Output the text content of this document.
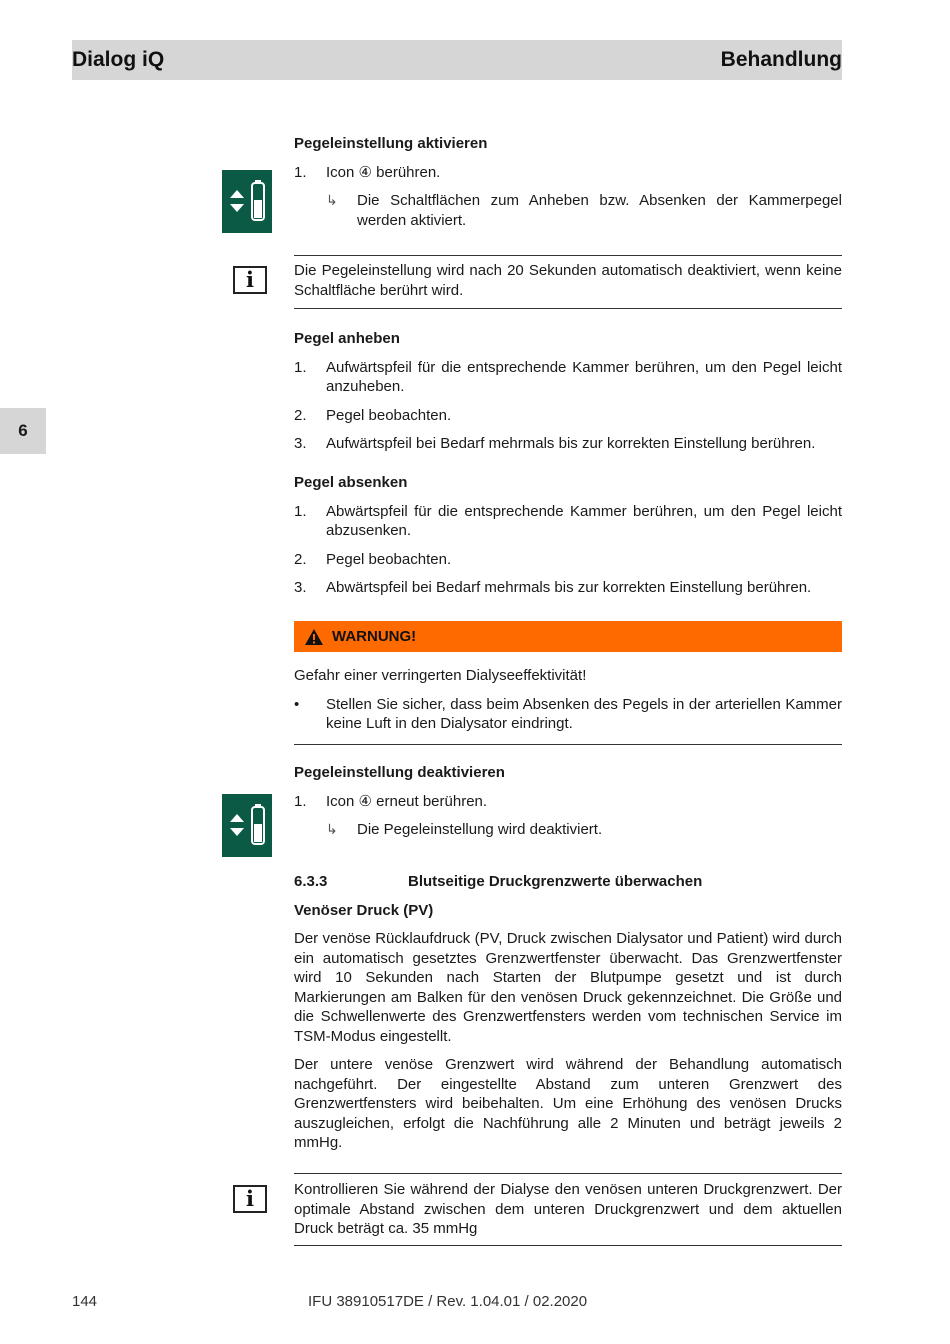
Dialog iQ	Behandlung
6
Pegeleinstellung aktivieren
1. Icon ④ berühren.
↳ Die Schaltflächen zum Anheben bzw. Absenken der Kammerpegel werden aktiviert.
i	Die Pegeleinstellung wird nach 20 Sekunden automatisch deaktiviert, wenn keine Schaltfläche berührt wird.
Pegel anheben
1. Aufwärtspfeil für die entsprechende Kammer berühren, um den Pegel leicht anzuheben.
2. Pegel beobachten.
3. Aufwärtspfeil bei Bedarf mehrmals bis zur korrekten Einstellung berühren.
Pegel absenken
1. Abwärtspfeil für die entsprechende Kammer berühren, um den Pegel leicht abzusenken.
2. Pegel beobachten.
3. Abwärtspfeil bei Bedarf mehrmals bis zur korrekten Einstellung berühren.
WARNUNG!
Gefahr einer verringerten Dialyseeffektivität!
• Stellen Sie sicher, dass beim Absenken des Pegels in der arteriellen Kammer keine Luft in den Dialysator eindringt.
Pegeleinstellung deaktivieren
1. Icon ④ erneut berühren.
↳ Die Pegeleinstellung wird deaktiviert.
6.3.3	Blutseitige Druckgrenzwerte überwachen
Venöser Druck (PV)
Der venöse Rücklaufdruck (PV, Druck zwischen Dialysator und Patient) wird durch ein automatisch gesetztes Grenzwertfenster überwacht. Das Grenzwertfenster wird 10 Sekunden nach Starten der Blutpumpe gesetzt und ist durch Markierungen am Balken für den venösen Druck gekennzeichnet. Die Größe und die Schwellenwerte des Grenzwertfensters werden vom technischen Service im TSM-Modus eingestellt.
Der untere venöse Grenzwert wird während der Behandlung automatisch nachgeführt. Der eingestellte Abstand zum unteren Grenzwert des Grenzwertfensters wird beibehalten. Um eine Erhöhung des venösen Drucks auszugleichen, erfolgt die Nachführung alle 2 Minuten und beträgt jeweils 2 mmHg.
i	Kontrollieren Sie während der Dialyse den venösen unteren Druckgrenzwert. Der optimale Abstand zwischen dem unteren Druckgrenzwert und dem aktuellen Druck beträgt ca. 35 mmHg
144	IFU 38910517DE / Rev. 1.04.01 / 02.2020
